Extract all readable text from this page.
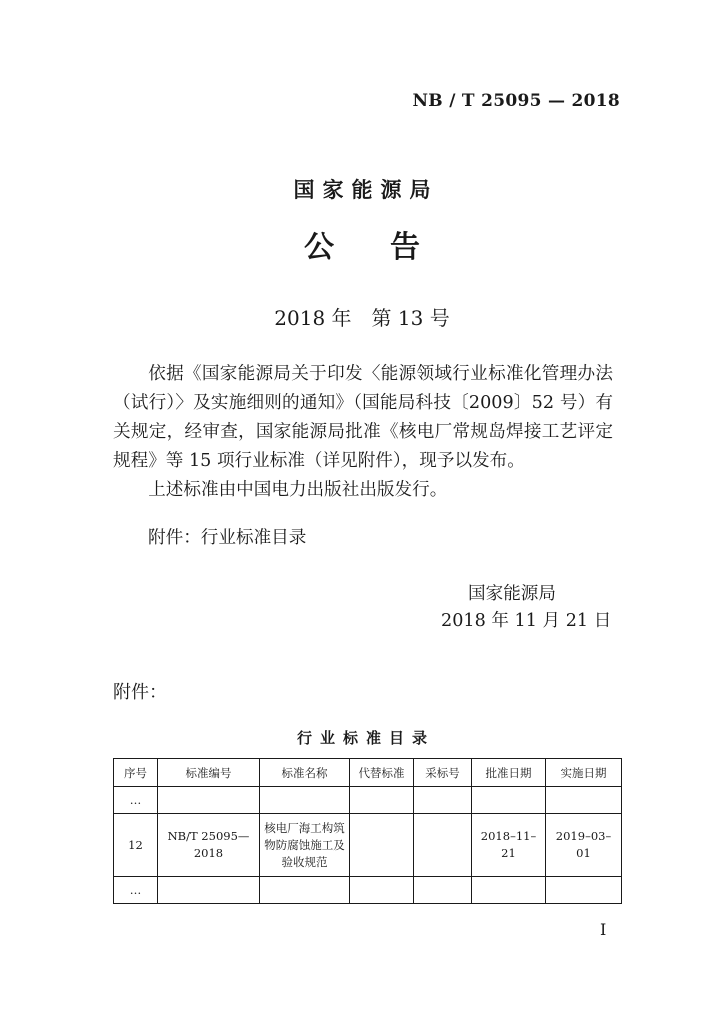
NB / T 25095 — 2018
国家能源局
公告
2018 年　第 13 号

依据《国家能源局关于印发〈能源领域行业标准化管理办法（试行）〉及实施细则的通知》（国能局科技〔2009〕52 号）有关规定，经审查，国家能源局批准《核电厂常规岛焊接工艺评定规程》等 15 项行业标准（详见附件），现予以发布。

上述标准由中国电力出版社出版发行。

附件：行业标准目录
国家能源局
2018 年 11 月 21 日
附件：
行业标准目录
序号	标准编号	标准名称	代替标准	采标号	批准日期	实施日期
…						
12	NB/T 25095—2018	核电厂海工构筑物防腐蚀施工及验收规范			2018–11–21	2019–03–01
…						
I
